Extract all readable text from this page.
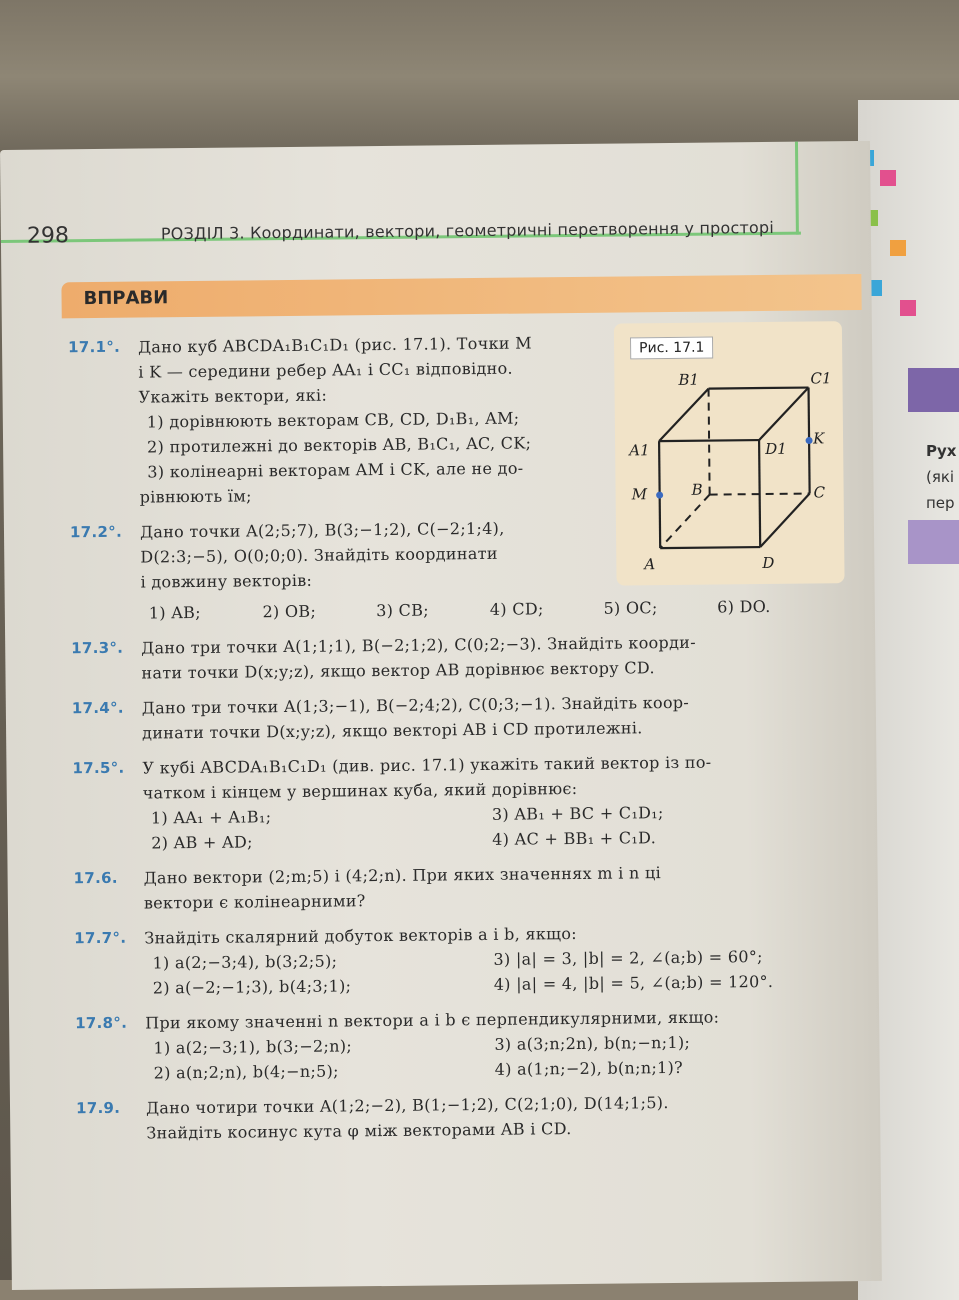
Рух
(які
пер
298	РОЗДІЛ 3. Координати, вектори, геометричні перетворення у просторі
ВПРАВИ
Рис. 17.1
B1	C1
A1	D1
K
M	B	C
A	D
17.1°. Дано куб ABCDA₁B₁C₁D₁ (рис. 17.1). Точки M
і K — середини ребер AA₁ і CC₁ відповідно.
Укажіть вектори, які:
1) дорівнюють векторам CB, CD, D₁B₁, AM;
2) протилежні до векторів AB, B₁C₁, AC, CK;
3) колінеарні векторам AM і CK, але не до-
рівнюють їм;
17.2°. Дано точки A(2;5;7), B(3;−1;2), C(−2;1;4),
D(2:3;−5), O(0;0;0). Знайдіть координати
і довжину векторів:
1) AB;	2) OB;	3) CB;	4) CD;	5) OC;	6) DO.
17.3°. Дано три точки A(1;1;1), B(−2;1;2), C(0;2;−3). Знайдіть коорди-
нати точки D(x;y;z), якщо вектор AB дорівнює вектору CD.
17.4°. Дано три точки A(1;3;−1), B(−2;4;2), C(0;3;−1). Знайдіть коор-
динати точки D(x;y;z), якщо векторі AB і CD протилежні.
17.5°. У кубі ABCDA₁B₁C₁D₁ (див. рис. 17.1) укажіть такий вектор із по-
чатком і кінцем у вершинах куба, який дорівнює:
1) AA₁ + A₁B₁;	3) AB₁ + BC + C₁D₁;
2) AB + AD;	4) AC + BB₁ + C₁D.
17.6. Дано вектори (2;m;5) і (4;2;n). При яких значеннях m і n ці
вектори є колінеарними?
17.7°. Знайдіть скалярний добуток векторів a і b, якщо:
1) a(2;−3;4), b(3;2;5);	3) |a| = 3, |b| = 2, ∠(a;b) = 60°;
2) a(−2;−1;3), b(4;3;1);	4) |a| = 4, |b| = 5, ∠(a;b) = 120°.
17.8°. При якому значенні n вектори a і b є перпендикулярними, якщо:
1) a(2;−3;1), b(3;−2;n);	3) a(3;n;2n), b(n;−n;1);
2) a(n;2;n), b(4;−n;5);	4) a(1;n;−2), b(n;n;1)?
17.9. Дано чотири точки A(1;2;−2), B(1;−1;2), C(2;1;0), D(14;1;5).
Знайдіть косинус кута φ між векторами AB і CD.
